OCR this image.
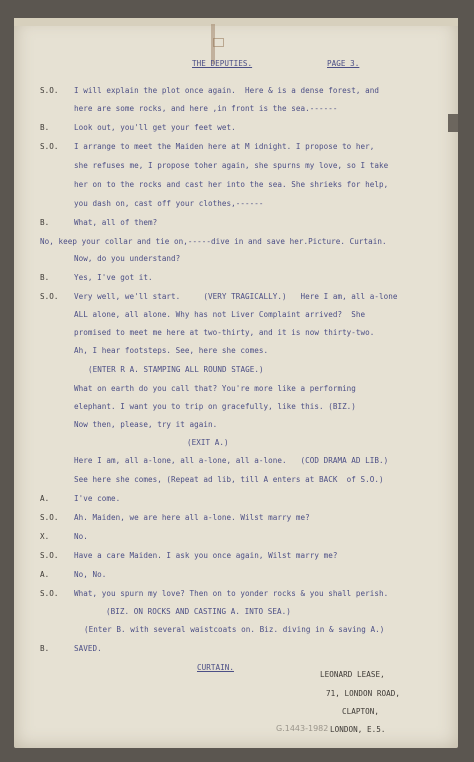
THE DEPUTIES.	PAGE 3.
S.O. I will explain the plot once again.  Here & is a dense forest, and
here are some rocks, and here ,in front is the sea.------
B.	Look out, you'll get your feet wet.
S.O. I arrange to meet the Maiden here at M idnight. I propose to her,
she refuses me, I propose toher again, she spurns my love, so I take
her on to the rocks and cast her into the sea. She shrieks for help,
you dash on, cast off your clothes,------
B.	What, all of them?
No, keep your collar and tie on,-----dive in and save her.Picture. Curtain.
Now, do you understand?
B.	Yes, I've got it.
S.O. Very well, we'll start.     (VERY TRAGICALLY.)   Here I am, all a-lone
ALL alone, all alone. Why has not Liver Complaint arrived?  She
promised to meet me here at two-thirty, and it is now thirty-two.
Ah, I hear footsteps. See, here she comes.
(ENTER R A. STAMPING ALL ROUND STAGE.)
What on earth do you call that? You're more like a performing
elephant. I want you to trip on gracefully, like this. (BIZ.)
Now then, please, try it again.
(EXIT A.)
Here I am, all a-lone, all a-lone, all a-lone.   (COD DRAMA AD LIB.)
See here she comes, (Repeat ad lib, till A enters at BACK  of S.O.)
A.	I've come.
S.O. Ah. Maiden, we are here all a-lone. Wilst marry me?
X.	No.
S.O. Have a care Maiden. I ask you once again, Wilst marry me?
A.	No, No.
S.O. What, you spurn my love? Then on to yonder rocks & you shall perish.
(BIZ. ON ROCKS AND CASTING A. INTO SEA.)
(Enter B. with several waistcoats on. Biz. diving in & saving A.)
B.	SAVED.
CURTAIN.
LEONARD LEASE,
71, LONDON ROAD,
CLAPTON,
LONDON, E.5.
G.1443-1982
